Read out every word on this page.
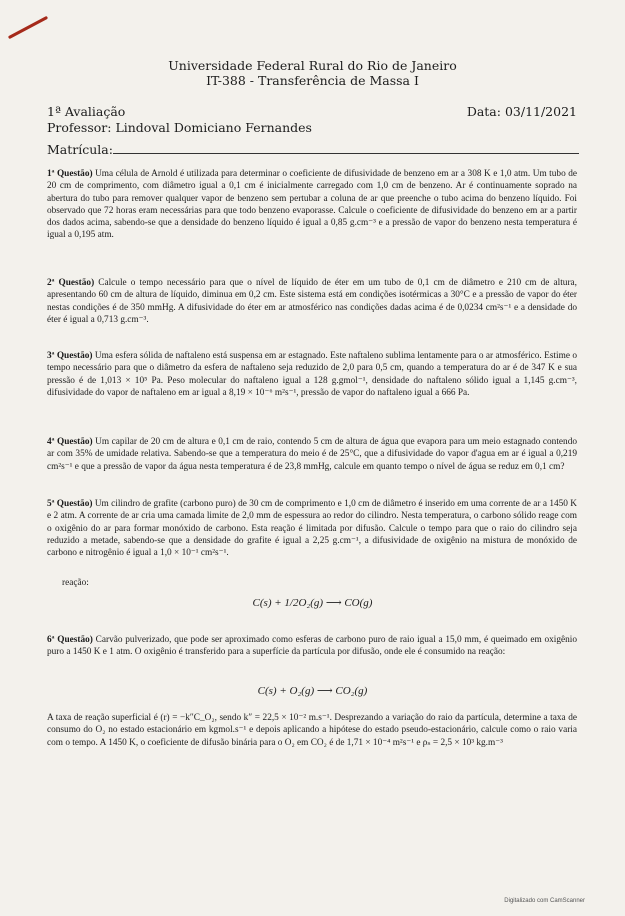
Universidade Federal Rural do Rio de Janeiro
IT-388 - Transferência de Massa I
1ª Avaliação	Data: 03/11/2021
Professor: Lindoval Domiciano Fernandes
Matrícula:

1ª Questão) Uma célula de Arnold é utilizada para determinar o coeficiente de difusividade de benzeno em ar a 308 K e 1,0 atm. Um tubo de 20 cm de comprimento, com diâmetro igual a 0,1 cm é inicialmente carregado com 1,0 cm de benzeno. Ar é continuamente soprado na abertura do tubo para remover qualquer vapor de benzeno sem pertubar a coluna de ar que preenche o tubo acima do benzeno líquido. Foi observado que 72 horas eram necessárias para que todo benzeno evaporasse. Calcule o coeficiente de difusividade do benzeno em ar a partir dos dados acima, sabendo-se que a densidade do benzeno líquido é igual a 0,85 g.cm⁻³ e a pressão de vapor do benzeno nesta temperatura é igual a 0,195 atm.

2ª Questão) Calcule o tempo necessário para que o nível de líquido de éter em um tubo de 0,1 cm de diâmetro e 210 cm de altura, apresentando 60 cm de altura de líquido, diminua em 0,2 cm. Este sistema está em condições isotérmicas a 30°C e a pressão de vapor do éter nestas condições é de 350 mmHg. A difusividade do éter em ar atmosférico nas condições dadas acima é de 0,0234 cm²s⁻¹ e a densidade do éter é igual a 0,713 g.cm⁻³.

3ª Questão) Uma esfera sólida de naftaleno está suspensa em ar estagnado. Este naftaleno sublima lentamente para o ar atmosférico. Estime o tempo necessário para que o diâmetro da esfera de naftaleno seja reduzido de 2,0 para 0,5 cm, quando a temperatura do ar é de 347 K e sua pressão é de 1,013 × 10⁵ Pa. Peso molecular do naftaleno igual a 128 g.gmol⁻¹, densidade do naftaleno sólido igual a 1,145 g.cm⁻³, difusividade do vapor de naftaleno em ar igual a 8,19 × 10⁻⁶ m²s⁻¹, pressão de vapor do naftaleno igual a 666 Pa.

4ª Questão) Um capilar de 20 cm de altura e 0,1 cm de raio, contendo 5 cm de altura de água que evapora para um meio estagnado contendo ar com 35% de umidade relativa. Sabendo-se que a temperatura do meio é de 25°C, que a difusividade do vapor d'agua em ar é igual a 0,219 cm²s⁻¹ e que a pressão de vapor da água nesta temperatura é de 23,8 mmHg, calcule em quanto tempo o nível de água se reduz em 0,1 cm?

5ª Questão) Um cilindro de grafite (carbono puro) de 30 cm de comprimento e 1,0 cm de diâmetro é inserido em uma corrente de ar a 1450 K e 2 atm. A corrente de ar cria uma camada limite de 2,0 mm de espessura ao redor do cilindro. Nesta temperatura, o carbono sólido reage com o oxigênio do ar para formar monóxido de carbono. Esta reação é limitada por difusão. Calcule o tempo para que o raio do cilindro seja reduzido a metade, sabendo-se que a densidade do grafite é igual a 2,25 g.cm⁻¹, a difusividade de oxigênio na mistura de monóxido de carbono e nitrogênio é igual a 1,0 × 10⁻¹ cm²s⁻¹.

reação:
C(s) + 1/2O₂(g) ⟶ CO(g)

6ª Questão) Carvão pulverizado, que pode ser aproximado como esferas de carbono puro de raio igual a 15,0 mm, é queimado em oxigênio puro a 1450 K e 1 atm. O oxigênio é transferido para a superfície da partícula por difusão, onde ele é consumido na reação:

C(s) + O₂(g) ⟶ CO₂(g)

A taxa de reação superficial é (r) = −k″C_O₂, sendo k″ = 22,5 × 10⁻² m.s⁻¹. Desprezando a variação do raio da partícula, determine a taxa de consumo do O₂ no estado estacionário em kgmol.s⁻¹ e depois aplicando a hipótese do estado pseudo-estacionário, calcule como o raio varia com o tempo. A 1450 K, o coeficiente de difusão binária para o O₂ em CO₂ é de 1,71 × 10⁻⁴ m²s⁻¹ e ρₛ = 2,5 × 10³ kg.m⁻³

Digitalizado com CamScanner
